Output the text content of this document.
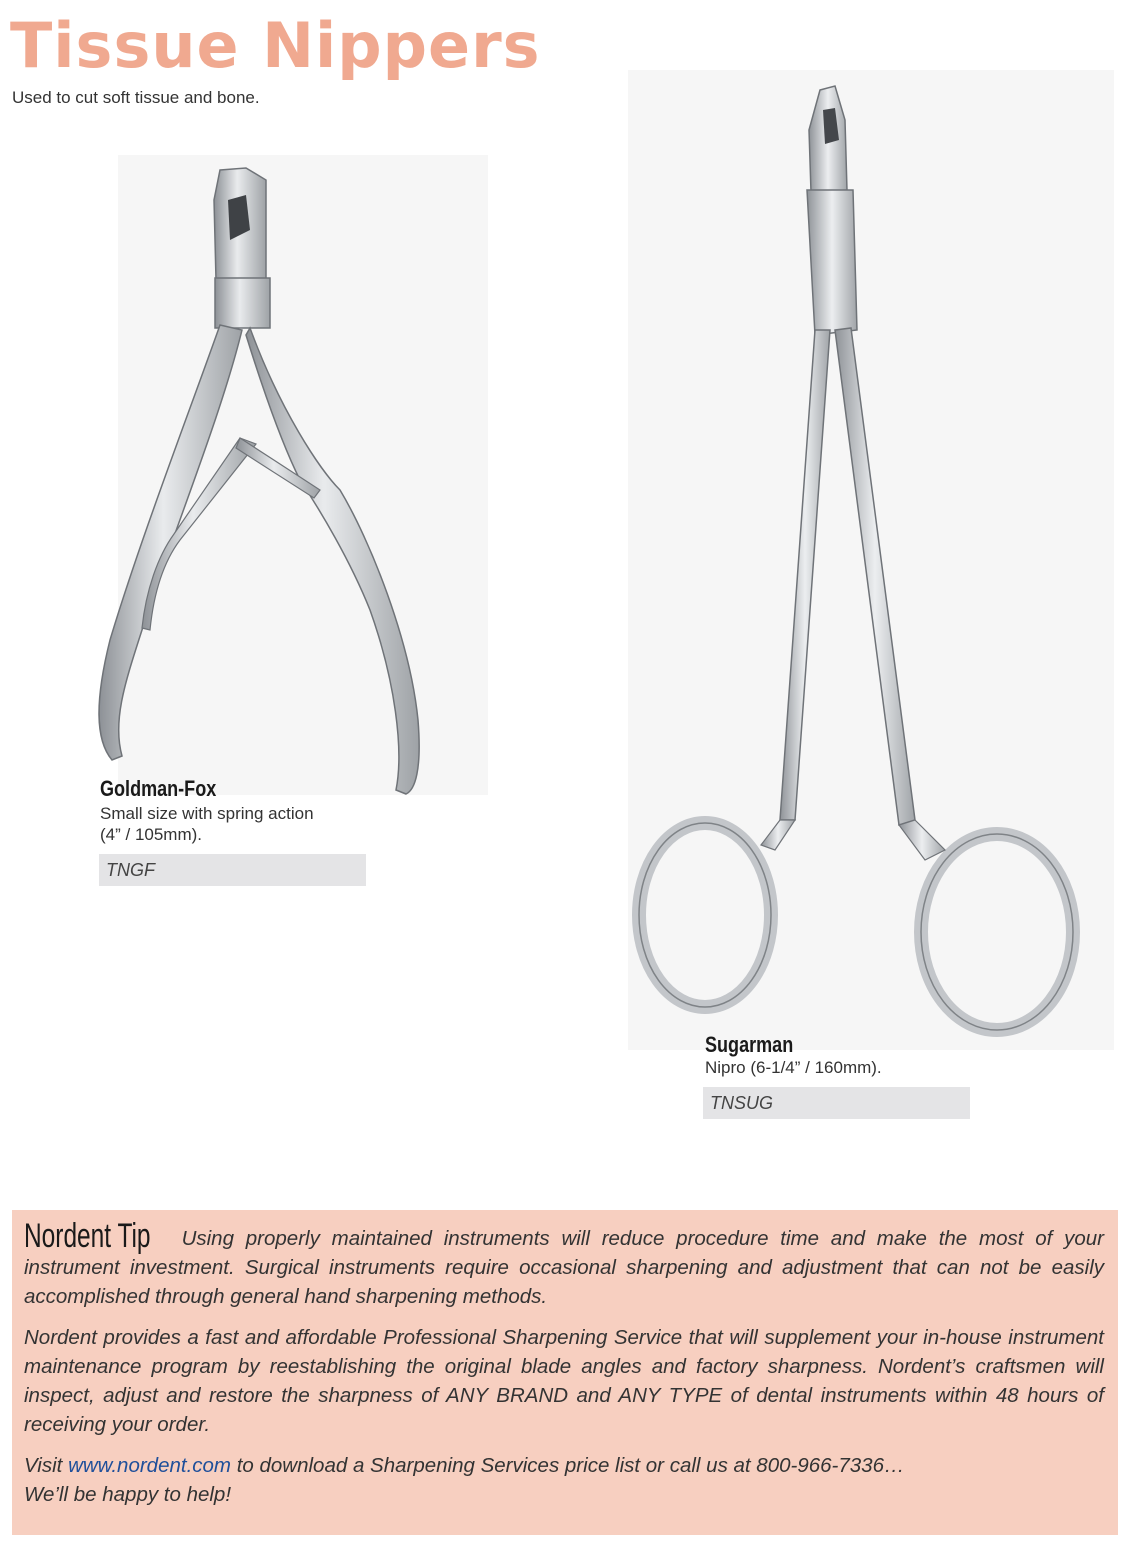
Tissue Nippers
Used to cut soft tissue and bone.
Goldman-Fox
Small size with spring action
(4” / 105mm).
TNGF
Sugarman
Nipro (6-1/4” / 160mm).
TNSUG

Nordent Tip Using properly maintained instruments will reduce procedure time and make the most of your instrument investment. Surgical instruments require occasional sharpening and adjustment that can not be easily accomplished through general hand sharpening methods.

Nordent provides a fast and affordable Professional Sharpening Service that will supplement your in-house instrument maintenance program by reestablishing the original blade angles and factory sharpness. Nordent’s craftsmen will inspect, adjust and restore the sharpness of ANY BRAND and ANY TYPE of dental instruments within 48 hours of receiving your order.

Visit www.nordent.com to download a Sharpening Services price list or call us at 800-966-7336…
We’ll be happy to help!
